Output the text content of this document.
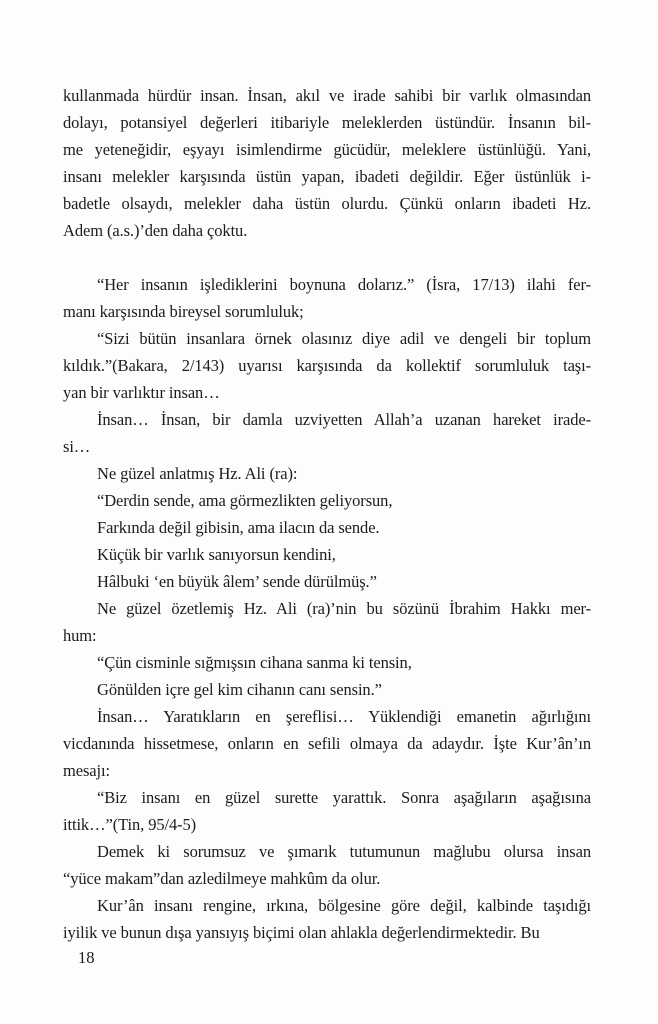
kullanmada hürdür insan. İnsan, akıl ve irade sahibi bir varlık olmasından
dolayı, potansiyel değerleri itibariyle meleklerden üstündür. İnsanın bil-
me yeteneğidir, eşyayı isimlendirme gücüdür, meleklere üstünlüğü. Yani,
insanı melekler karşısında üstün yapan, ibadeti değildir. Eğer üstünlük i-
badetle olsaydı, melekler daha üstün olurdu. Çünkü onların ibadeti Hz.
Adem (a.s.)’den daha çoktu.

“Her insanın işlediklerini boynuna dolarız.” (İsra, 17/13) ilahi fer-
manı karşısında bireysel sorumluluk;

“Sizi bütün insanlara örnek olasınız diye adil ve dengeli bir toplum
kıldık.”(Bakara, 2/143) uyarısı karşısında da kollektif sorumluluk taşı-
yan bir varlıktır insan…

İnsan… İnsan, bir damla uzviyetten Allah’a uzanan hareket irade-
si…

Ne güzel anlatmış Hz. Ali (ra):

“Derdin sende, ama görmezlikten geliyorsun,

Farkında değil gibisin, ama ilacın da sende.

Küçük bir varlık sanıyorsun kendini,

Hâlbuki ‘en büyük âlem’ sende dürülmüş.”

Ne güzel özetlemiş Hz. Ali (ra)’nin bu sözünü İbrahim Hakkı mer-
hum:

“Çün cisminle sığmışsın cihana sanma ki tensin,

Gönülden içre gel kim cihanın canı sensin.”

İnsan… Yaratıkların en şereflisi… Yüklendiği emanetin ağırlığını
vicdanında hissetmese, onların en sefili olmaya da adaydır. İşte Kur’ân’ın
mesajı:

“Biz insanı en güzel surette yarattık. Sonra aşağıların aşağısına
ittik…”(Tin, 95/4-5)

Demek ki sorumsuz ve şımarık tutumunun mağlubu olursa insan
“yüce makam”dan azledilmeye mahkûm da olur.

Kur’ân insanı rengine, ırkına, bölgesine göre değil, kalbinde taşıdığı
iyilik ve bunun dışa yansıyış biçimi olan ahlakla değerlendirmektedir. Bu

18
